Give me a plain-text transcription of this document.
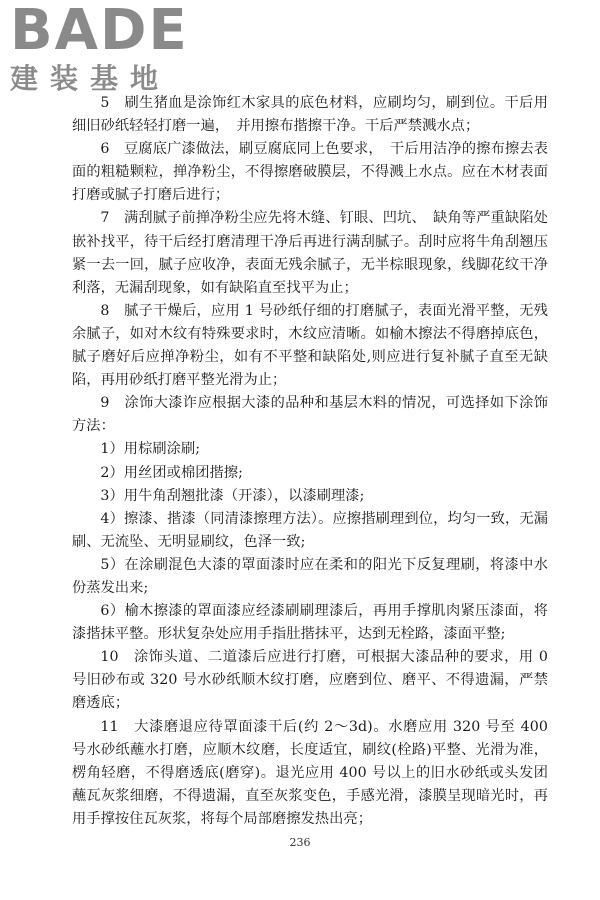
BADE
建装基地

5　刷生猪血是涂饰红木家具的底色材料，应刷均匀，刷到位。干后用细旧砂纸轻轻打磨一遍，　并用擦布揩擦干净。干后严禁溅水点；

6　豆腐底广漆做法，刷豆腐底同上色要求，　干后用洁净的擦布擦去表面的粗糙颗粒，掸净粉尘，不得擦磨破膜层，不得溅上水点。应在木材表面打磨或腻子打磨后进行；

7　满刮腻子前掸净粉尘应先将木缝、钉眼、凹坑、　缺角等严重缺陷处嵌补找平，待干后经打磨清理干净后再进行满刮腻子。刮时应将牛角刮翘压紧一去一回，腻子应收净，表面无残余腻子，无半棕眼现象，线脚花纹干净利落，无漏刮现象，如有缺陷直至找平为止；

8　腻子干燥后，应用 1 号砂纸仔细的打磨腻子，表面光滑平整，无残余腻子，如对木纹有特殊要求时，木纹应清晰。如榆木擦法不得磨掉底色，腻子磨好后应掸净粉尘，如有不平整和缺陷处,则应进行复补腻子直至无缺陷，再用砂纸打磨平整光滑为止；

9　涂饰大漆诈应根据大漆的品种和基层木料的情况，可选择如下涂饰方法：

1）用棕刷涂刷;

2）用丝团或棉团揩擦;

3）用牛角刮翘批漆（开漆），以漆刷理漆;

4）擦漆、揩漆（同清漆擦理方法）。应擦揩刷理到位，均匀一致，无漏刷、无流坠、无明显刷纹，色泽一致;

5）在涂刷混色大漆的罩面漆时应在柔和的阳光下反复理刷，将漆中水份蒸发出来;

6）榆木擦漆的罩面漆应经漆刷刷理漆后，再用手撑肌肉紧压漆面，将漆揩抹平整。形状复杂处应用手指肚揩抹平，达到无栓路，漆面平整;

10　涂饰头道、二道漆后应进行打磨，可根据大漆品种的要求，用 0 号旧砂布或 320 号水砂纸顺木纹打磨，应磨到位、磨平、不得遗漏，严禁磨透底；

11　大漆磨退应待罩面漆干后(约 2～3d)。水磨应用 320 号至 400 号水砂纸蘸水打磨，应顺木纹磨，长度适宜，刷纹(栓路)平整、光滑为准，楞角轻磨，不得磨透底(磨穿)。退光应用 400 号以上的旧水砂纸或头发团蘸瓦灰浆细磨，不得遗漏，直至灰浆变色，手感光滑，漆膜呈现暗光时，再用手撑按住瓦灰浆，将每个局部磨擦发热出亮；

236
